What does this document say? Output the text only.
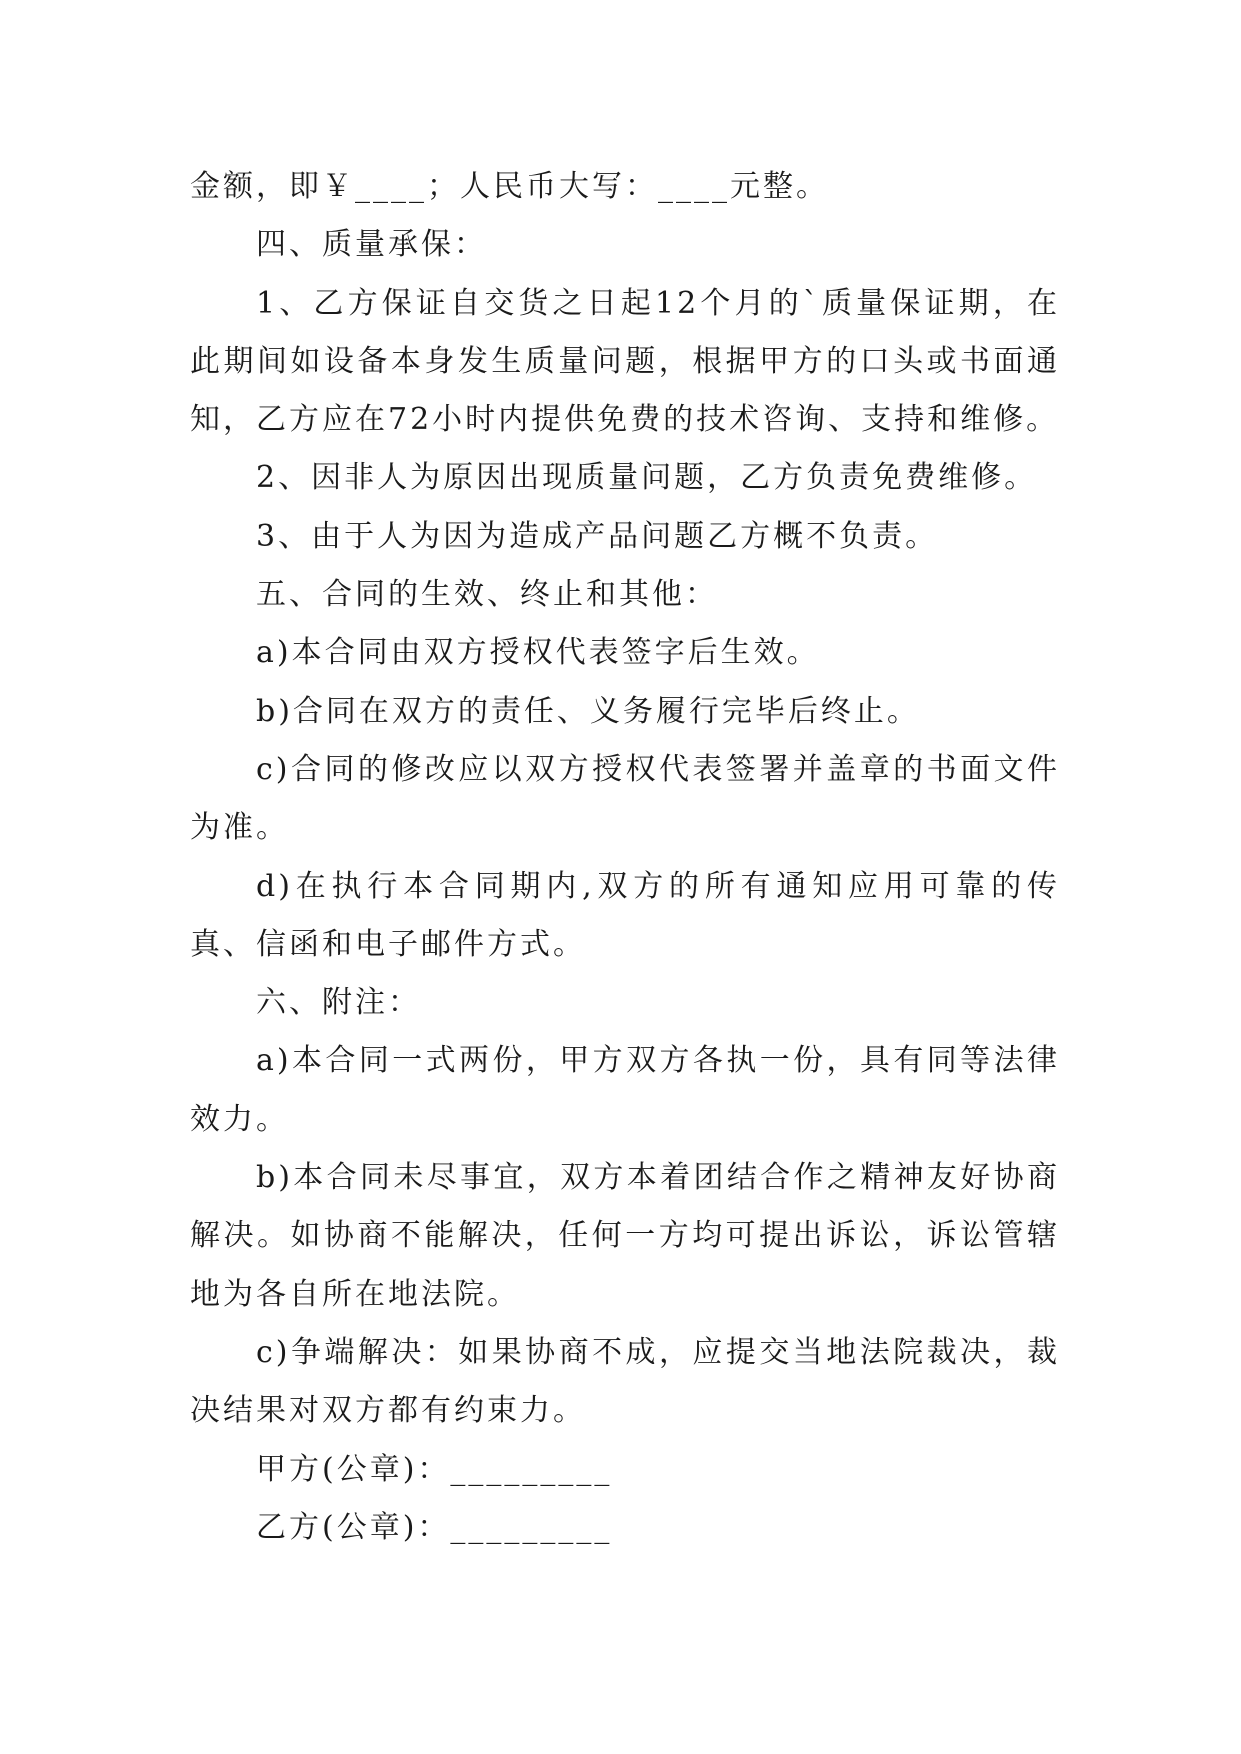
金额，即￥____；人民币大写：____元整。

四、质量承保：

1、乙方保证自交货之日起12个月的`质量保证期，在此期间如设备本身发生质量问题，根据甲方的口头或书面通知，乙方应在72小时内提供免费的技术咨询、支持和维修。

2、因非人为原因出现质量问题，乙方负责免费维修。

3、由于人为因为造成产品问题乙方概不负责。

五、合同的生效、终止和其他：

a)本合同由双方授权代表签字后生效。

b)合同在双方的责任、义务履行完毕后终止。

c)合同的修改应以双方授权代表签署并盖章的书面文件为准。

d)在执行本合同期内,双方的所有通知应用可靠的传真、信函和电子邮件方式。

六、附注：

a)本合同一式两份，甲方双方各执一份，具有同等法律效力。

b)本合同未尽事宜，双方本着团结合作之精神友好协商解决。如协商不能解决，任何一方均可提出诉讼，诉讼管辖地为各自所在地法院。

c)争端解决：如果协商不成，应提交当地法院裁决，裁决结果对双方都有约束力。

甲方(公章)：_________

乙方(公章)：_________
